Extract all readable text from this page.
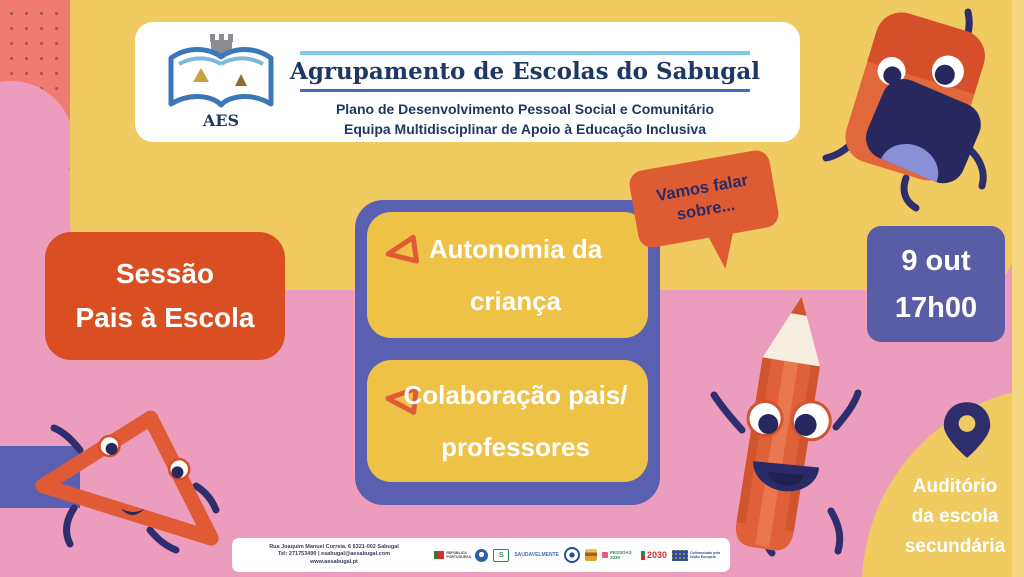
AES
Agrupamento de Escolas do Sabugal
Plano de Desenvolvimento Pessoal Social e Comunitário
Equipa Multidisciplinar de Apoio à Educação Inclusiva
Sessão
Pais à Escola
Vamos falar sobre...
Autonomia da criança
Colaboração pais/ professores
9 out
17h00
Auditório
da escola
secundária
Rua Joaquim Manuel Correia, 6 6321-002 Sabugal
Tel: 271753490 | esabugal@aesabugal.com
www.aesabugal.pt
REPÚBLICA PORTUGUESA	S SAUDAVELMENTE	PESSOAS 2030	2030	Cofinanciado pela União Europeia
